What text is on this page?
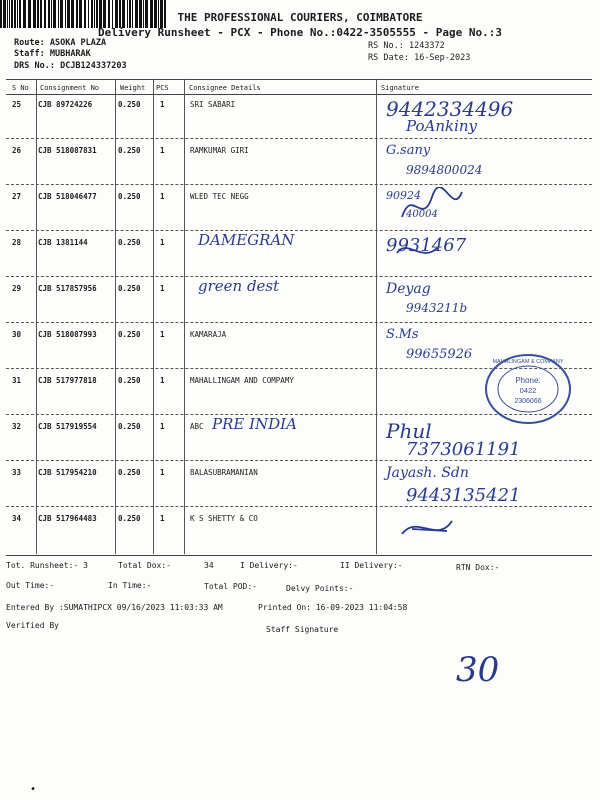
THE PROFESSIONAL COURIERS, COIMBATORE
Delivery Runsheet - PCX - Phone No.:0422-3505555 - Page No.:3
Route: ASOKA PLAZA
Staff: MUBHARAK
DRS No.: DCJB124337203
RS No.: 1243372
RS Date: 16-Sep-2023
S No Consignment No	Weight PCS	Consignee Details	Signature
25 CJB 89724226	0.250	1	SRI SABARI	9442334496
PoAnkiny
26 CJB 518087831	0.250	1	RAMKUMAR GIRI	G.sany
9894800024
27 CJB 518046477	0.250	1	WLED TEC NEGG	90924
40004
28 CJB 1381144	0.250	1 DAMEGRAN	9931467
29 CJB 517857956	0.250	1 green dest	Deyag
9943211b
30 CJB 518087993	0.250	1	KAMARAJA	S.Ms
99655926
31 CJB 517977818	0.250	1	MAHALLINGAM AND COMPAMY
32 CJB 517919554	0.250	1	ABC PRE INDIA	Phul
7373061191
33 CJB 517954210	0.250	1	BALASUBRAMANIAN	Jayash. Sdn
9443135421
34 CJB 517964483	0.250	1	K S SHETTY & CO
MAHALINGAM & COMPANY
Phone:
0422
2306066
Tot. Runsheet:- 3	Total Dox:-	34	I Delivery:-	II Delivery:-	RTN Dox:-
Out Time:-	In Time:-	Total POD:-	Delvy Points:-
Entered By :SUMATHIPCX 09/16/2023 11:03:33 AM	Printed On: 16-09-2023 11:04:58
Verified By	Staff Signature
30
•
